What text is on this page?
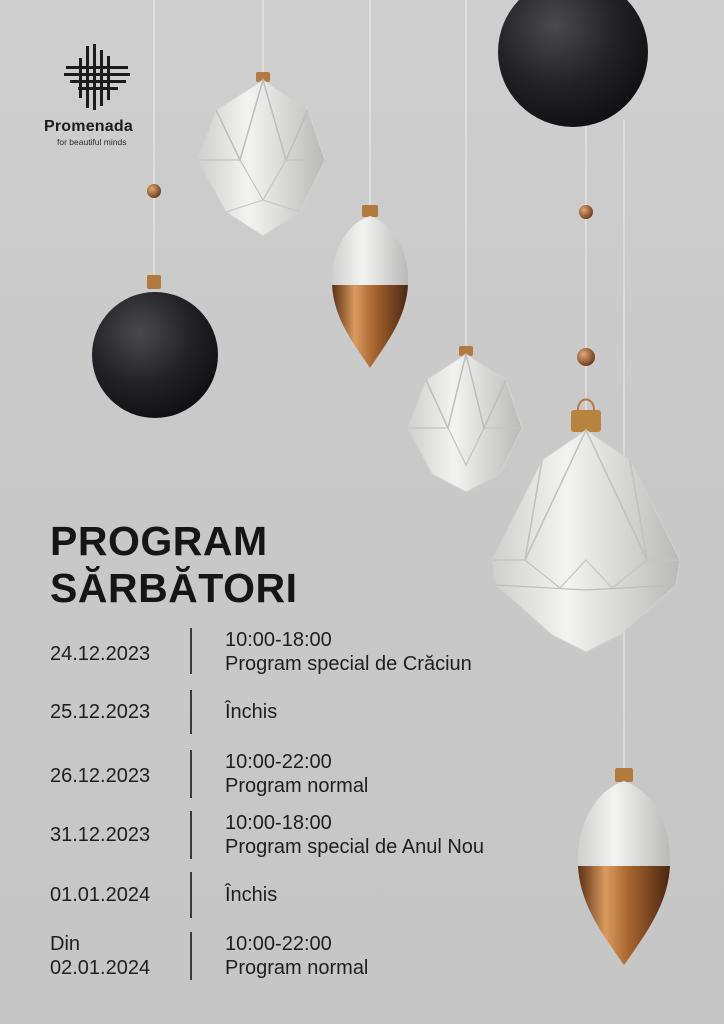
Promenada
for beautiful minds
PROGRAM
SĂRBĂTORI
24.12.2023
10:00-18:00
Program special de Crăciun
25.12.2023	Închis
26.12.2023
10:00-22:00
Program normal
31.12.2023
10:00-18:00
Program special de Anul Nou
01.01.2024	Închis
Din
02.01.2024
10:00-22:00
Program normal
